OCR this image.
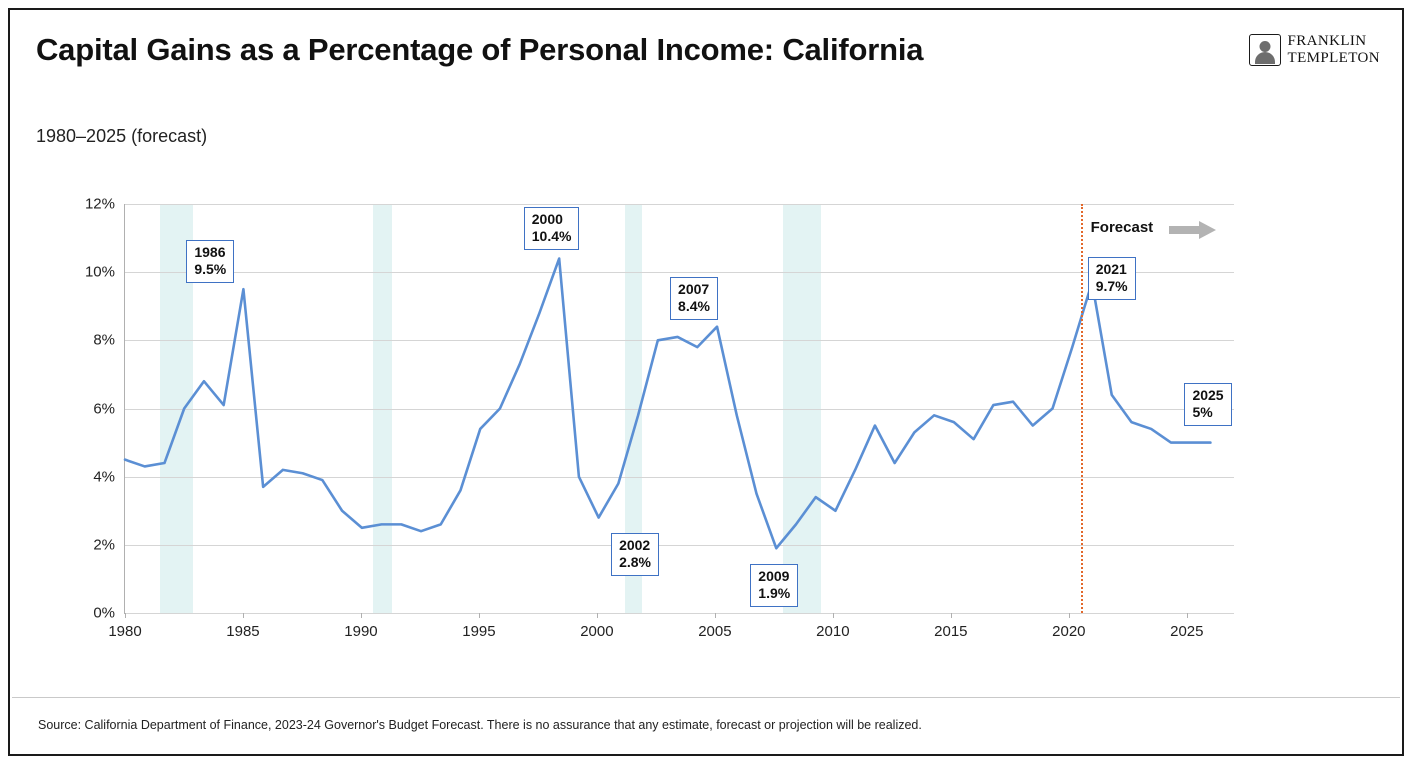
Capital Gains as a Percentage of Personal Income: California	FRANKLIN
TEMPLETON
1980–2025 (forecast)
0%
2%
4%
6%
8%
10%
12%
1980	1985	1990	1995	2000	2005	2010	2015	2020	2025
Forecast
1986
9.5%
2000
10.4%
2002
2.8%
2007
8.4%
2009
1.9%
2021
9.7%
2025
5%
Source: California Department of Finance, 2023-24 Governor's Budget Forecast. There is no assurance that any estimate, forecast or projection will be realized.
